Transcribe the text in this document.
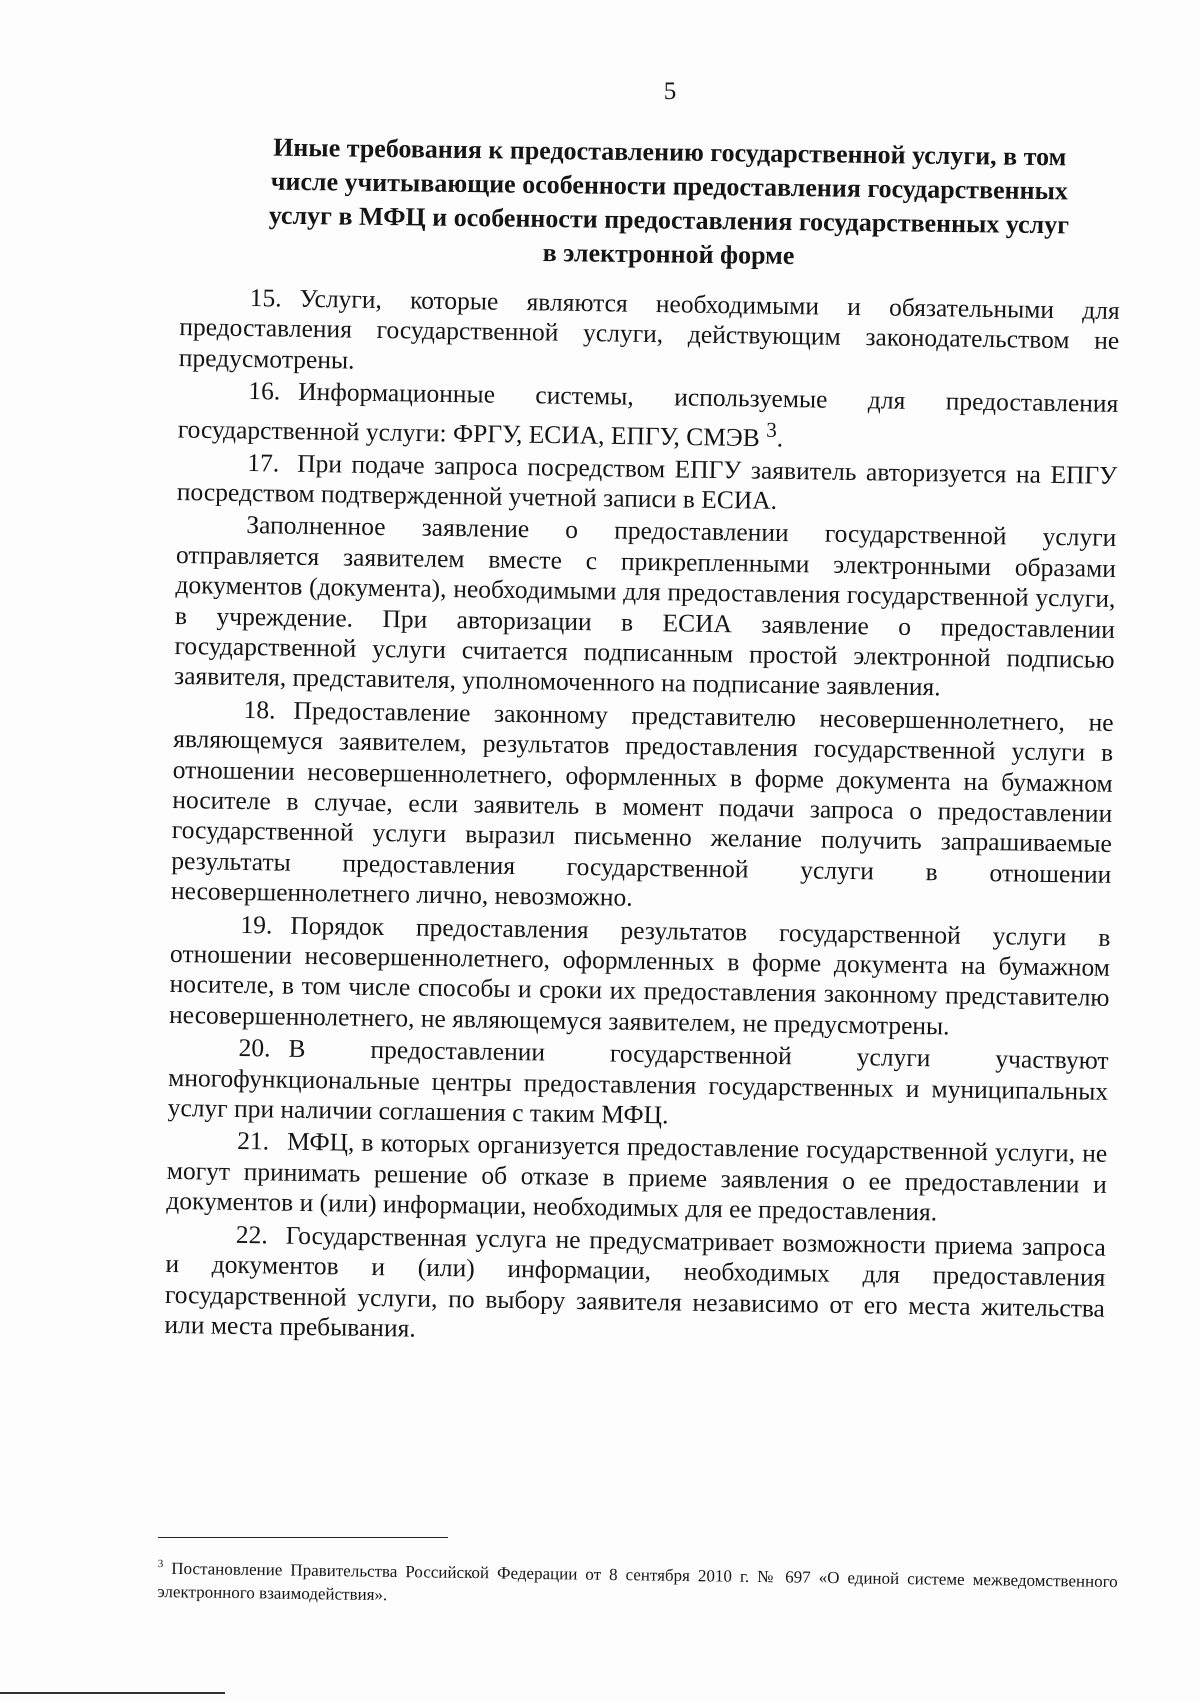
5
Иные требования к предоставлению государственной услуги, в том
числе учитывающие особенности предоставления государственных
услуг в МФЦ и особенности предоставления государственных услуг
в электронной форме

15. Услуги, которые являются необходимыми и обязательными для предоставления государственной услуги, действующим законодательством не предусмотрены.

16. Информационные системы, используемые для предоставления государственной услуги: ФРГУ, ЕСИА, ЕПГУ, СМЭВ $^3$.

17. При подаче запроса посредством ЕПГУ заявитель авторизуется на ЕПГУ посредством подтвержденной учетной записи в ЕСИА.

Заполненное заявление о предоставлении государственной услуги отправляется заявителем вместе с прикрепленными электронными образами документов (документа), необходимыми для предоставления государственной услуги, в учреждение. При авторизации в ЕСИА заявление о предоставлении государственной услуги считается подписанным простой электронной подписью заявителя, представителя, уполномоченного на подписание заявления.

18. Предоставление законному представителю несовершеннолетнего, не являющемуся заявителем, результатов предоставления государственной услуги в отношении несовершеннолетнего, оформленных в форме документа на бумажном носителе в случае, если заявитель в момент подачи запроса о предоставлении государственной услуги выразил письменно желание получить запрашиваемые результаты предоставления государственной услуги в отношении несовершеннолетнего лично, невозможно.

19. Порядок предоставления результатов государственной услуги в отношении несовершеннолетнего, оформленных в форме документа на бумажном носителе, в том числе способы и сроки их предоставления законному представителю несовершеннолетнего, не являющемуся заявителем, не предусмотрены.

20. В предоставлении государственной услуги участвуют многофункциональные центры предоставления государственных и муниципальных услуг при наличии соглашения с таким МФЦ.

21. МФЦ, в которых организуется предоставление государственной услуги, не могут принимать решение об отказе в приеме заявления о ее предоставлении и документов и (или) информации, необходимых для ее предоставления.

22. Государственная услуга не предусматривает возможности приема запроса и документов и (или) информации, необходимых для предоставления государственной услуги, по выбору заявителя независимо от его места жительства или места пребывания.

$^3$ Постановление Правительства Российской Федерации от 8 сентября 2010 г. № 697 «О единой системе межведомственного электронного взаимодействия».
